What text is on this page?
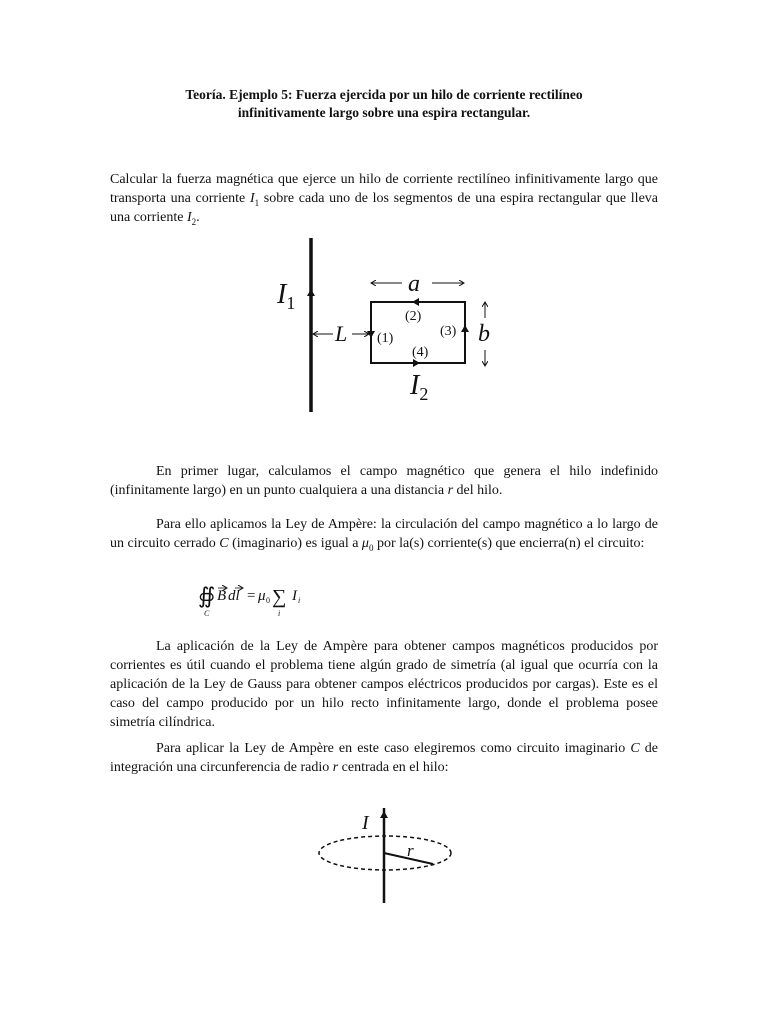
Teoría. Ejemplo 5: Fuerza ejercida por un hilo de corriente rectilíneo
infinitivamente largo sobre una espira rectangular.
Calcular la fuerza magnética que ejerce un hilo de corriente rectilíneo infinitivamente largo que transporta una corriente $I_1$ sobre cada uno de los segmentos de una espira rectangular que lleva una corriente $I_2$.
$I_1$
a
b
L (1)
(2)
(3)
(4)
$I_2$
En primer lugar, calculamos el campo magnético que genera el hilo indefinido (infinitamente largo) en un punto cualquiera a una distancia r del hilo.
Para ello aplicamos la Ley de Ampère: la circulación del campo magnético a lo largo de un circuito cerrado C (imaginario) es igual a $\mu_0$ por la(s) corriente(s) que encierra(n) el circuito:
∯
C
B dl = μ 0 ∑
i
I i
La aplicación de la Ley de Ampère para obtener campos magnéticos producidos por corrientes es útil cuando el problema tiene algún grado de simetría (al igual que ocurría con la aplicación de la Ley de Gauss para obtener campos eléctricos producidos por cargas). Este es el caso del campo producido por un hilo recto infinitamente largo, donde el problema posee simetría cilíndrica.
Para aplicar la Ley de Ampère en este caso elegiremos como circuito imaginario C de integración una circunferencia de radio r centrada en el hilo:
I
r
